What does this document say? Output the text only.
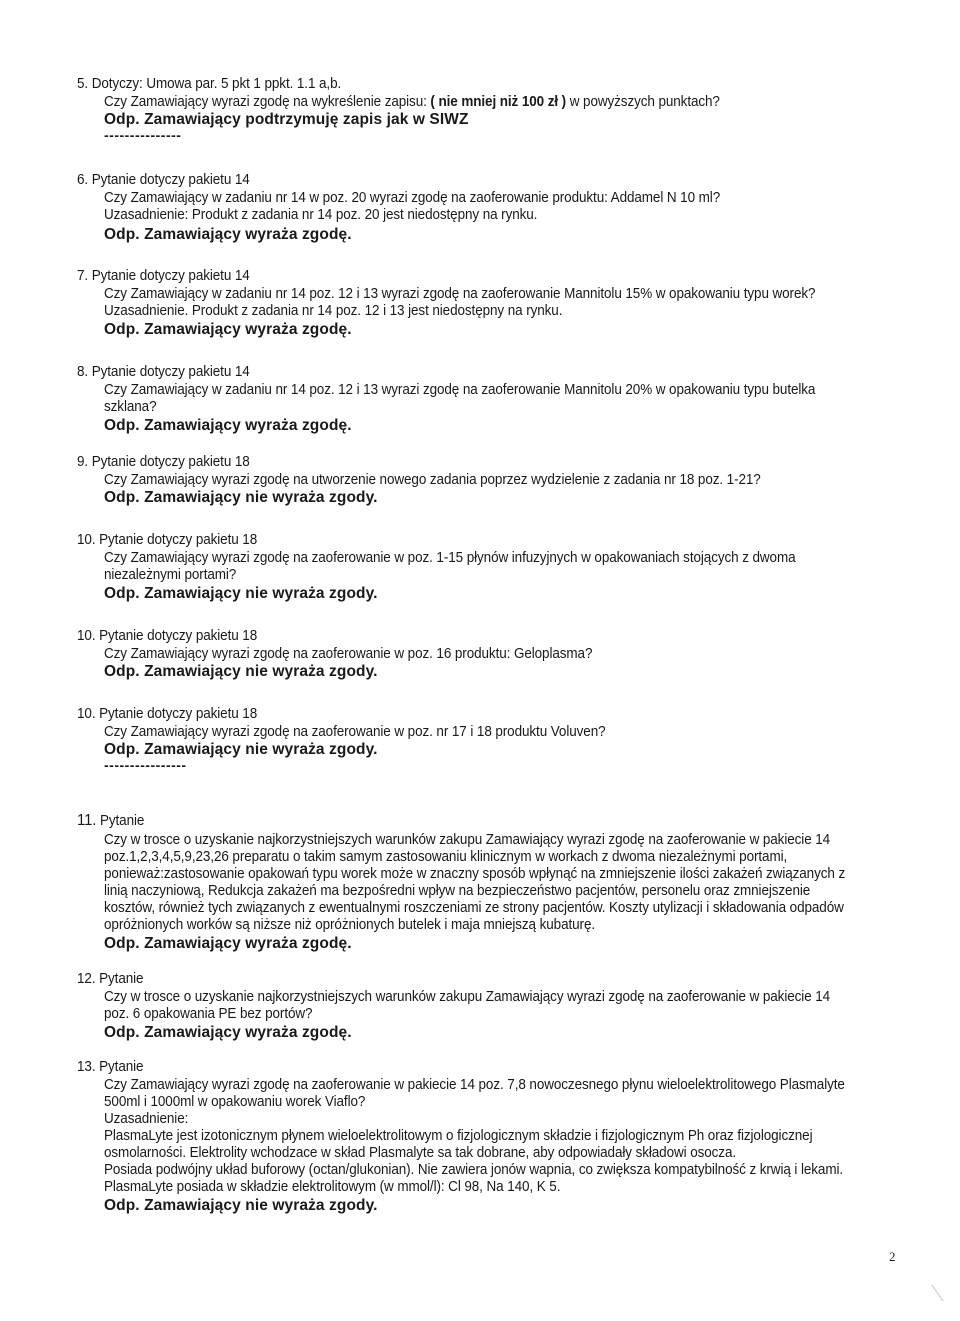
5. Dotyczy: Umowa par. 5 pkt 1 ppkt. 1.1 a,b.
Czy Zamawiający wyrazi zgodę na wykreślenie zapisu: ( nie mniej niż 100 zł ) w powyższych punktach?
Odp. Zamawiający podtrzymuję zapis jak w SIWZ
---------------
6. Pytanie dotyczy pakietu 14
Czy Zamawiający w zadaniu nr 14 w poz. 20 wyrazi zgodę na zaoferowanie produktu: Addamel N 10 ml?
Uzasadnienie: Produkt z zadania nr 14 poz. 20 jest niedostępny na rynku.
Odp. Zamawiający wyraża zgodę.
7. Pytanie dotyczy pakietu 14
Czy Zamawiający w zadaniu nr 14 poz. 12 i 13 wyrazi zgodę na zaoferowanie Mannitolu 15% w opakowaniu typu worek?
Uzasadnienie. Produkt z zadania nr 14 poz. 12 i 13 jest niedostępny na rynku.
Odp. Zamawiający wyraża zgodę.
8. Pytanie dotyczy pakietu 14
Czy Zamawiający w zadaniu nr 14 poz. 12 i 13 wyrazi zgodę na zaoferowanie Mannitolu 20% w opakowaniu typu butelka
szklana?
Odp. Zamawiający wyraża zgodę.
9. Pytanie dotyczy pakietu 18
Czy Zamawiający wyrazi zgodę na utworzenie nowego zadania poprzez wydzielenie z zadania nr 18 poz. 1-21?
Odp. Zamawiający nie wyraża zgody.
10. Pytanie dotyczy pakietu 18
Czy Zamawiający wyrazi zgodę na zaoferowanie w poz. 1-15 płynów infuzyjnych w opakowaniach stojących z dwoma
niezależnymi portami?
Odp. Zamawiający nie wyraża zgody.
10. Pytanie dotyczy pakietu 18
Czy Zamawiający wyrazi zgodę na zaoferowanie w poz. 16 produktu: Geloplasma?
Odp. Zamawiający nie wyraża zgody.
10. Pytanie dotyczy pakietu 18
Czy Zamawiający wyrazi zgodę na zaoferowanie w poz. nr 17 i 18 produktu Voluven?
Odp. Zamawiający nie wyraża zgody.
----------------
11. Pytanie
Czy w trosce o uzyskanie najkorzystniejszych warunków zakupu Zamawiający wyrazi zgodę na zaoferowanie w pakiecie 14
poz.1,2,3,4,5,9,23,26 preparatu o takim samym zastosowaniu klinicznym w workach z dwoma niezależnymi portami,
ponieważ:zastosowanie opakowań typu worek może w znaczny sposób wpłynąć na zmniejszenie ilości zakażeń związanych z
linią naczyniową, Redukcja zakażeń ma bezpośredni wpływ na bezpieczeństwo pacjentów, personelu oraz zmniejszenie
kosztów, również tych związanych z ewentualnymi roszczeniami ze strony pacjentów. Koszty utylizacji i składowania odpadów
opróżnionych worków są niższe niż opróżnionych butelek i maja mniejszą kubaturę.
Odp. Zamawiający wyraża zgodę.
12. Pytanie
Czy w trosce o uzyskanie najkorzystniejszych warunków zakupu Zamawiający wyrazi zgodę na zaoferowanie w pakiecie 14
poz. 6 opakowania PE bez portów?
Odp. Zamawiający wyraża zgodę.
13. Pytanie
Czy Zamawiający wyrazi zgodę na zaoferowanie w pakiecie 14 poz. 7,8 nowoczesnego płynu wieloelektrolitowego Plasmalyte
500ml i 1000ml w opakowaniu worek Viaflo?
Uzasadnienie:
PlasmaLyte jest izotonicznym płynem wieloelektrolitowym o fizjologicznym składzie i fizjologicznym Ph oraz fizjologicznej
osmolarności. Elektrolity wchodzace w skład Plasmalyte sa tak dobrane, aby odpowiadały składowi osocza.
Posiada podwójny układ buforowy (octan/glukonian). Nie zawiera jonów wapnia, co zwiększa kompatybilność z krwią i lekami.
PlasmaLyte posiada w składzie elektrolitowym (w mmol/l): Cl 98, Na 140, K 5.
Odp. Zamawiający nie wyraża zgody.
2
